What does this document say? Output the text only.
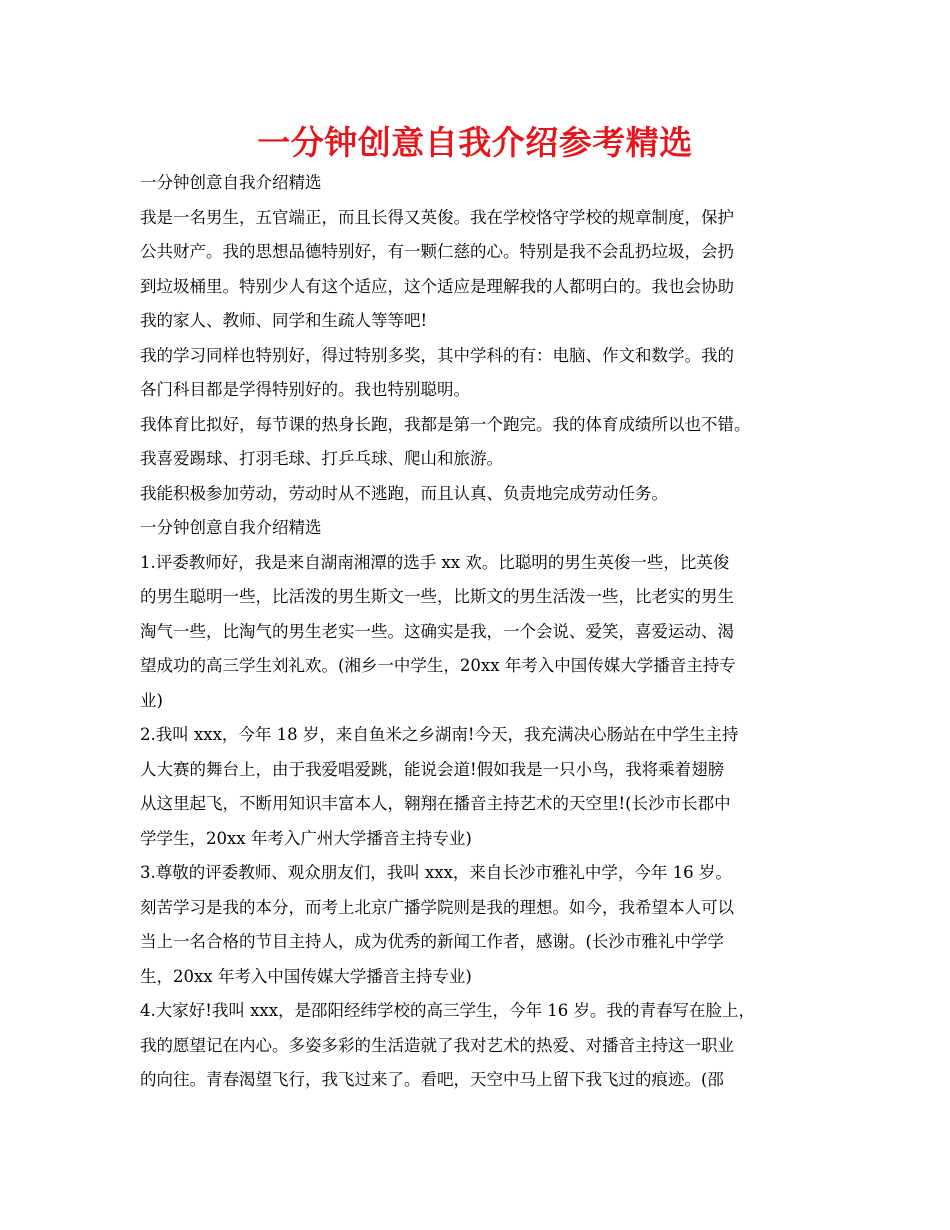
一分钟创意自我介绍参考精选
一分钟创意自我介绍精选
我是一名男生，五官端正，而且长得又英俊。我在学校恪守学校的规章制度，保护
公共财产。我的思想品德特别好，有一颗仁慈的心。特别是我不会乱扔垃圾，会扔
到垃圾桶里。特别少人有这个适应，这个适应是理解我的人都明白的。我也会协助
我的家人、教师、同学和生疏人等等吧!
我的学习同样也特别好，得过特别多奖，其中学科的有：电脑、作文和数学。我的
各门科目都是学得特别好的。我也特别聪明。
我体育比拟好，每节课的热身长跑，我都是第一个跑完。我的体育成绩所以也不错。
我喜爱踢球、打羽毛球、打乒乓球、爬山和旅游。
我能积极参加劳动，劳动时从不逃跑，而且认真、负责地完成劳动任务。
一分钟创意自我介绍精选
1.评委教师好，我是来自湖南湘潭的选手 xx 欢。比聪明的男生英俊一些，比英俊
的男生聪明一些，比活泼的男生斯文一些，比斯文的男生活泼一些，比老实的男生
淘气一些，比淘气的男生老实一些。这确实是我，一个会说、爱笑，喜爱运动、渴
望成功的高三学生刘礼欢。(湘乡一中学生，20xx 年考入中国传媒大学播音主持专
业)
2.我叫 xxx，今年 18 岁，来自鱼米之乡湖南!今天，我充满决心肠站在中学生主持
人大赛的舞台上，由于我爱唱爱跳，能说会道!假如我是一只小鸟，我将乘着翅膀
从这里起飞，不断用知识丰富本人，翱翔在播音主持艺术的天空里!(长沙市长郡中
学学生，20xx 年考入广州大学播音主持专业)
3.尊敬的评委教师、观众朋友们，我叫 xxx，来自长沙市雅礼中学，今年 16 岁。
刻苦学习是我的本分，而考上北京广播学院则是我的理想。如今，我希望本人可以
当上一名合格的节目主持人，成为优秀的新闻工作者，感谢。(长沙市雅礼中学学
生，20xx 年考入中国传媒大学播音主持专业)
4.大家好!我叫 xxx，是邵阳经纬学校的高三学生，今年 16 岁。我的青春写在脸上，
我的愿望记在内心。多姿多彩的生活造就了我对艺术的热爱、对播音主持这一职业
的向往。青春渴望飞行，我飞过来了。看吧，天空中马上留下我飞过的痕迹。(邵
